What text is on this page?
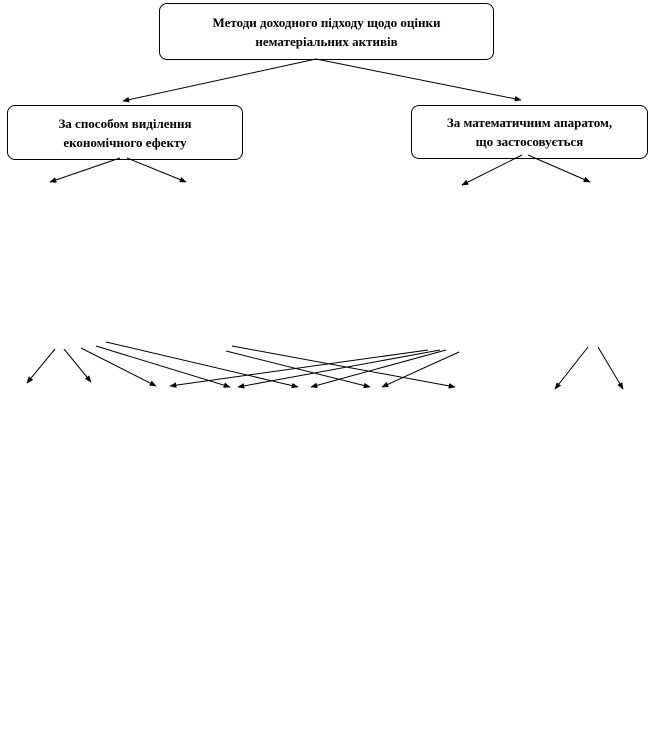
Методи доходного підходу щодо оцінки
нематеріальних активів
За способом виділення
економічного ефекту
За математичним апаратом,
що застосовується
